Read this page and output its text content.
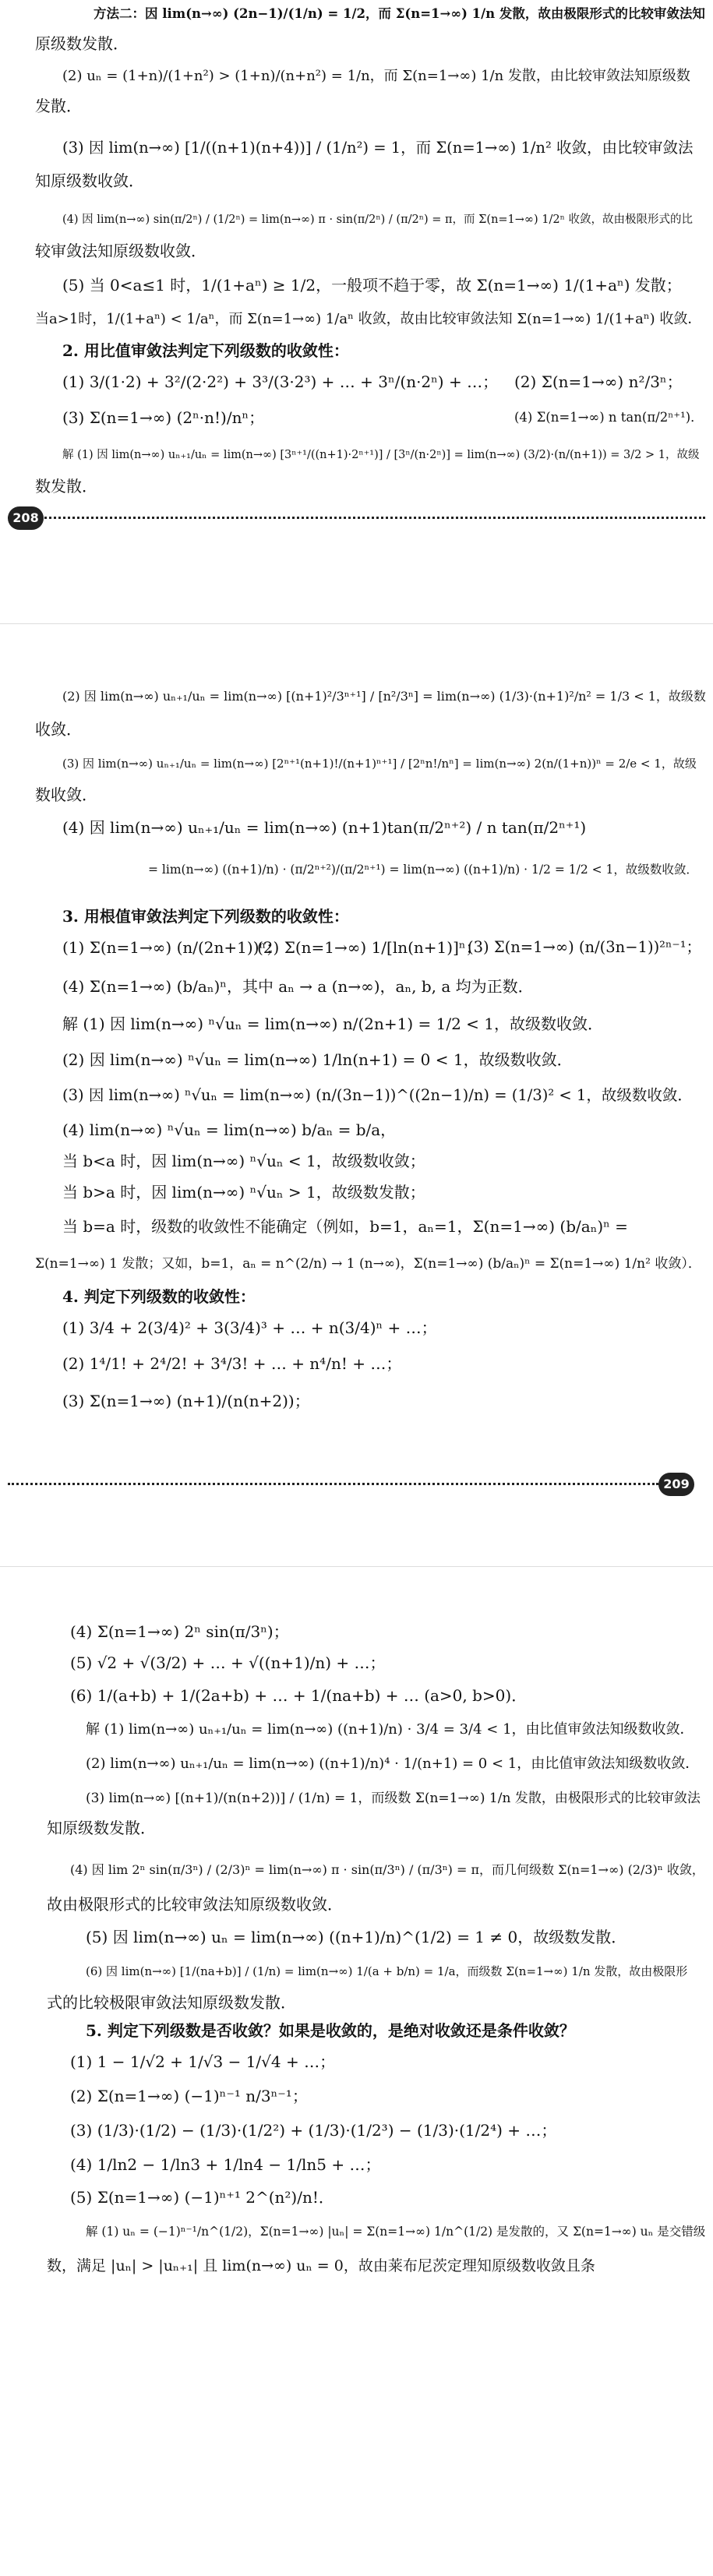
方法二：因 lim(n→∞) (2n−1)/(1/n) = 1/2，而 Σ(n=1→∞) 1/n 发散，故由极限形式的比较审敛法知
原级数发散．
(2) uₙ = (1+n)/(1+n²) > (1+n)/(n+n²) = 1/n，而 Σ(n=1→∞) 1/n 发散，由比较审敛法知原级数
发散．
(3) 因 lim(n→∞) [1/((n+1)(n+4))] / (1/n²) = 1，而 Σ(n=1→∞) 1/n² 收敛，由比较审敛法
知原级数收敛．
(4) 因 lim(n→∞) sin(π/2ⁿ) / (1/2ⁿ) = lim(n→∞) π · sin(π/2ⁿ) / (π/2ⁿ) = π，而 Σ(n=1→∞) 1/2ⁿ 收敛，故由极限形式的比
较审敛法知原级数收敛．
(5) 当 0<a≤1 时，1/(1+aⁿ) ≥ 1/2，一般项不趋于零，故 Σ(n=1→∞) 1/(1+aⁿ) 发散；
当a>1时，1/(1+aⁿ) < 1/aⁿ，而 Σ(n=1→∞) 1/aⁿ 收敛，故由比较审敛法知 Σ(n=1→∞) 1/(1+aⁿ) 收敛．
2. 用比值审敛法判定下列级数的收敛性：
(1) 3/(1·2) + 3²/(2·2²) + 3³/(3·2³) + … + 3ⁿ/(n·2ⁿ) + …； (2) Σ(n=1→∞) n²/3ⁿ；
(3) Σ(n=1→∞) (2ⁿ·n!)/nⁿ；	(4) Σ(n=1→∞) n tan(π/2ⁿ⁺¹)．
解 (1) 因 lim(n→∞) uₙ₊₁/uₙ = lim(n→∞) [3ⁿ⁺¹/((n+1)·2ⁿ⁺¹)] / [3ⁿ/(n·2ⁿ)] = lim(n→∞) (3/2)·(n/(n+1)) = 3/2 > 1，故级
数发散．
208
(2) 因 lim(n→∞) uₙ₊₁/uₙ = lim(n→∞) [(n+1)²/3ⁿ⁺¹] / [n²/3ⁿ] = lim(n→∞) (1/3)·(n+1)²/n² = 1/3 < 1，故级数
收敛．
(3) 因 lim(n→∞) uₙ₊₁/uₙ = lim(n→∞) [2ⁿ⁺¹(n+1)!/(n+1)ⁿ⁺¹] / [2ⁿn!/nⁿ] = lim(n→∞) 2(n/(1+n))ⁿ = 2/e < 1，故级
数收敛．
(4) 因 lim(n→∞) uₙ₊₁/uₙ = lim(n→∞) (n+1)tan(π/2ⁿ⁺²) / n tan(π/2ⁿ⁺¹)
= lim(n→∞) ((n+1)/n) · (π/2ⁿ⁺²)/(π/2ⁿ⁺¹) = lim(n→∞) ((n+1)/n) · 1/2 = 1/2 < 1，故级数收敛．
3. 用根值审敛法判定下列级数的收敛性：
(1) Σ(n=1→∞) (n/(2n+1))ⁿ；
(2) Σ(n=1→∞) 1/[ln(n+1)]ⁿ；
(3) Σ(n=1→∞) (n/(3n−1))²ⁿ⁻¹；
(4) Σ(n=1→∞) (b/aₙ)ⁿ，其中 aₙ → a (n→∞)，aₙ, b, a 均为正数．
解 (1) 因 lim(n→∞) ⁿ√uₙ = lim(n→∞) n/(2n+1) = 1/2 < 1，故级数收敛．
(2) 因 lim(n→∞) ⁿ√uₙ = lim(n→∞) 1/ln(n+1) = 0 < 1，故级数收敛．
(3) 因 lim(n→∞) ⁿ√uₙ = lim(n→∞) (n/(3n−1))^((2n−1)/n) = (1/3)² < 1，故级数收敛．
(4) lim(n→∞) ⁿ√uₙ = lim(n→∞) b/aₙ = b/a，
当 b<a 时，因 lim(n→∞) ⁿ√uₙ < 1，故级数收敛；
当 b>a 时，因 lim(n→∞) ⁿ√uₙ > 1，故级数发散；
当 b=a 时，级数的收敛性不能确定（例如，b=1，aₙ=1，Σ(n=1→∞) (b/aₙ)ⁿ =
Σ(n=1→∞) 1 发散；又如，b=1，aₙ = n^(2/n) → 1 (n→∞)，Σ(n=1→∞) (b/aₙ)ⁿ = Σ(n=1→∞) 1/n² 收敛）．
4. 判定下列级数的收敛性：
(1) 3/4 + 2(3/4)² + 3(3/4)³ + … + n(3/4)ⁿ + …；
(2) 1⁴/1! + 2⁴/2! + 3⁴/3! + … + n⁴/n! + …；
(3) Σ(n=1→∞) (n+1)/(n(n+2))；
209
(4) Σ(n=1→∞) 2ⁿ sin(π/3ⁿ)；
(5) √2 + √(3/2) + … + √((n+1)/n) + …；
(6) 1/(a+b) + 1/(2a+b) + … + 1/(na+b) + … (a>0, b>0)．
解 (1) lim(n→∞) uₙ₊₁/uₙ = lim(n→∞) ((n+1)/n) · 3/4 = 3/4 < 1，由比值审敛法知级数收敛．
(2) lim(n→∞) uₙ₊₁/uₙ = lim(n→∞) ((n+1)/n)⁴ · 1/(n+1) = 0 < 1，由比值审敛法知级数收敛．
(3) lim(n→∞) [(n+1)/(n(n+2))] / (1/n) = 1，而级数 Σ(n=1→∞) 1/n 发散，由极限形式的比较审敛法
知原级数发散．
(4) 因 lim 2ⁿ sin(π/3ⁿ) / (2/3)ⁿ = lim(n→∞) π · sin(π/3ⁿ) / (π/3ⁿ) = π，而几何级数 Σ(n=1→∞) (2/3)ⁿ 收敛，
故由极限形式的比较审敛法知原级数收敛．
(5) 因 lim(n→∞) uₙ = lim(n→∞) ((n+1)/n)^(1/2) = 1 ≠ 0，故级数发散．
(6) 因 lim(n→∞) [1/(na+b)] / (1/n) = lim(n→∞) 1/(a + b/n) = 1/a，而级数 Σ(n=1→∞) 1/n 发散，故由极限形
式的比较极限审敛法知原级数发散．
5. 判定下列级数是否收敛？如果是收敛的，是绝对收敛还是条件收敛？
(1) 1 − 1/√2 + 1/√3 − 1/√4 + …；
(2) Σ(n=1→∞) (−1)ⁿ⁻¹ n/3ⁿ⁻¹；
(3) (1/3)·(1/2) − (1/3)·(1/2²) + (1/3)·(1/2³) − (1/3)·(1/2⁴) + …；
(4) 1/ln2 − 1/ln3 + 1/ln4 − 1/ln5 + …；
(5) Σ(n=1→∞) (−1)ⁿ⁺¹ 2^(n²)/n!．
解 (1) uₙ = (−1)ⁿ⁻¹/n^(1/2)，Σ(n=1→∞) |uₙ| = Σ(n=1→∞) 1/n^(1/2) 是发散的，又 Σ(n=1→∞) uₙ 是交错级
数，满足 |uₙ| > |uₙ₊₁| 且 lim(n→∞) uₙ = 0，故由莱布尼茨定理知原级数收敛且条
